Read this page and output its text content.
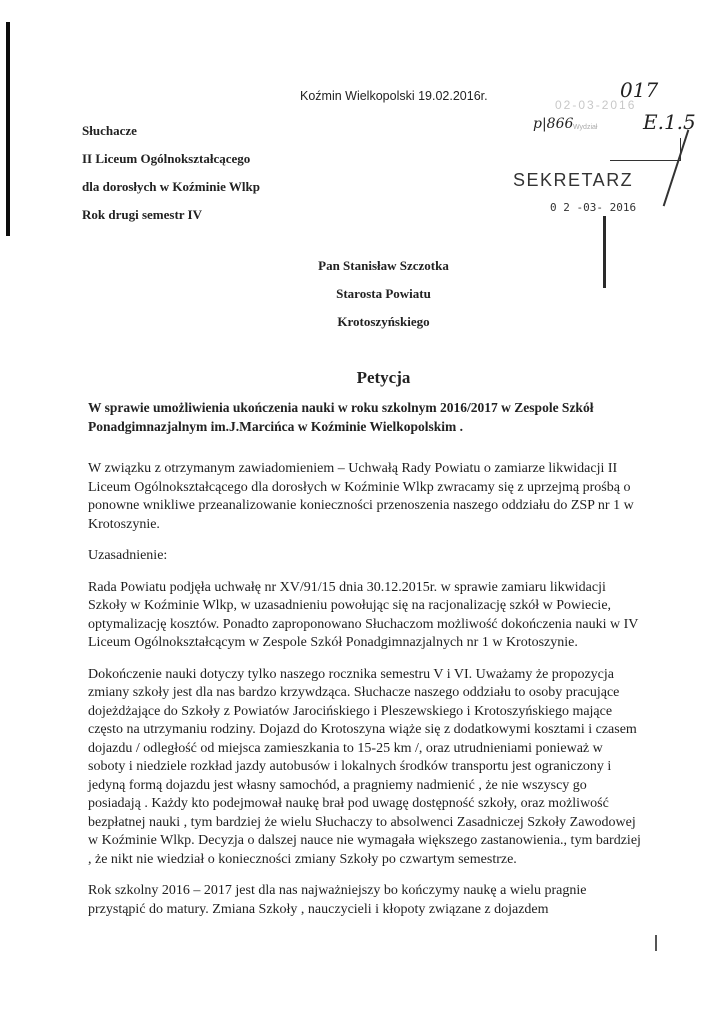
Koźmin Wielkopolski 19.02.2016r.
Słuchacze
II Liceum Ogólnokształcącego
dla dorosłych w Koźminie Wlkp
Rok drugi semestr IV
017
02-03-2016
p|866 Wydział E.1.5
SEKRETARZ
0 2 -03- 2016
Pan Stanisław Szczotka
Starosta Powiatu
Krotoszyńskiego
Petycja
W sprawie umożliwienia ukończenia nauki w roku szkolnym 2016/2017 w Zespole Szkół Ponadgimnazjalnym im.J.Marcińca w Koźminie Wielkopolskim .

W związku z otrzymanym zawiadomieniem – Uchwałą Rady Powiatu o zamiarze likwidacji II Liceum Ogólnokształcącego dla dorosłych w Koźminie Wlkp zwracamy się z uprzejmą prośbą o ponowne wnikliwe przeanalizowanie konieczności przenoszenia naszego oddziału do ZSP nr 1 w Krotoszynie.

Uzasadnienie:

Rada Powiatu podjęła uchwałę nr XV/91/15 dnia 30.12.2015r. w sprawie zamiaru likwidacji Szkoły w Koźminie Wlkp, w uzasadnieniu powołując się na racjonalizację szkół w Powiecie, optymalizację kosztów. Ponadto zaproponowano Słuchaczom możliwość dokończenia nauki w IV Liceum Ogólnokształcącym w Zespole Szkół Ponadgimnazjalnych nr 1 w Krotoszynie.

Dokończenie nauki dotyczy tylko naszego rocznika semestru V i VI. Uważamy że propozycja zmiany szkoły jest dla nas bardzo krzywdząca. Słuchacze naszego oddziału to osoby pracujące dojeżdżające do Szkoły z Powiatów Jarocińskiego i Pleszewskiego i Krotoszyńskiego mające często na utrzymaniu rodziny. Dojazd do Krotoszyna wiąże się z dodatkowymi kosztami i czasem dojazdu / odległość od miejsca zamieszkania to 15-25 km /, oraz utrudnieniami ponieważ w soboty i niedziele rozkład jazdy autobusów i lokalnych środków transportu jest ograniczony i jedyną formą dojazdu jest własny samochód, a pragniemy nadmienić , że nie wszyscy go posiadają . Każdy kto podejmował naukę brał pod uwagę dostępność szkoły, oraz możliwość bezpłatnej nauki , tym bardziej że wielu Słuchaczy to absolwenci Zasadniczej Szkoły Zawodowej w Koźminie Wlkp. Decyzja o dalszej nauce nie wymagała większego zastanowienia., tym bardziej , że nikt nie wiedział o konieczności zmiany Szkoły po czwartym semestrze.

Rok szkolny 2016 – 2017 jest dla nas najważniejszy bo kończymy naukę a wielu pragnie przystąpić do matury. Zmiana Szkoły , nauczycieli i kłopoty związane z dojazdem
